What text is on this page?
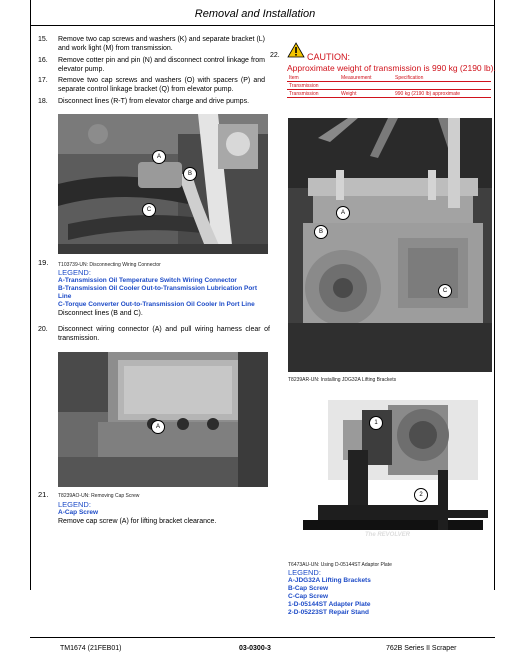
Removal and Installation
15. Remove two cap screws and washers (K) and separate bracket (L) and work light (M) from transmission.
16. Remove cotter pin and pin (N) and disconnect control linkage from elevator pump.
17. Remove two cap screws and washers (O) with spacers (P) and separate control linkage bracket (Q) from elevator pump.
18. Disconnect lines (R-T) from elevator charge and drive pumps.
A
B
C
19. T103739-UN: Disconnecting Wiring Connector
LEGEND:
A-Transmission Oil Temperature Switch Wiring Connector
B-Transmission Oil Cooler Out-to-Transmission Lubrication Port Line
C-Torque Converter Out-to-Transmission Oil Cooler In Port Line
Disconnect lines (B and C).
20. Disconnect wiring connector (A) and pull wiring harness clear of transmission.
A
21. T8239AO-UN: Removing Cap Screw
LEGEND:
A-Cap Screw
Remove cap screw (A) for lifting bracket clearance.
22.	CAUTION:
Approximate weight of transmission is 990 kg (2190 lb).
Item	Measurement	Specification
Transmission		
Transmission	Weight	990 kg (2190 lb) approximate
A
B
C
T8239AR-UN: Installing JDG32A Lifting Brackets
The REVOLVER
1
2
T6473AU-UN: Using D-05144ST Adaptor Plate
LEGEND:
A-JDG32A Lifting Brackets
B-Cap Screw
C-Cap Screw
1-D-05144ST Adapter Plate
2-D-05223ST Repair Stand
TM1674 (21FEB01)	03-0300-3	762B Series II Scraper
